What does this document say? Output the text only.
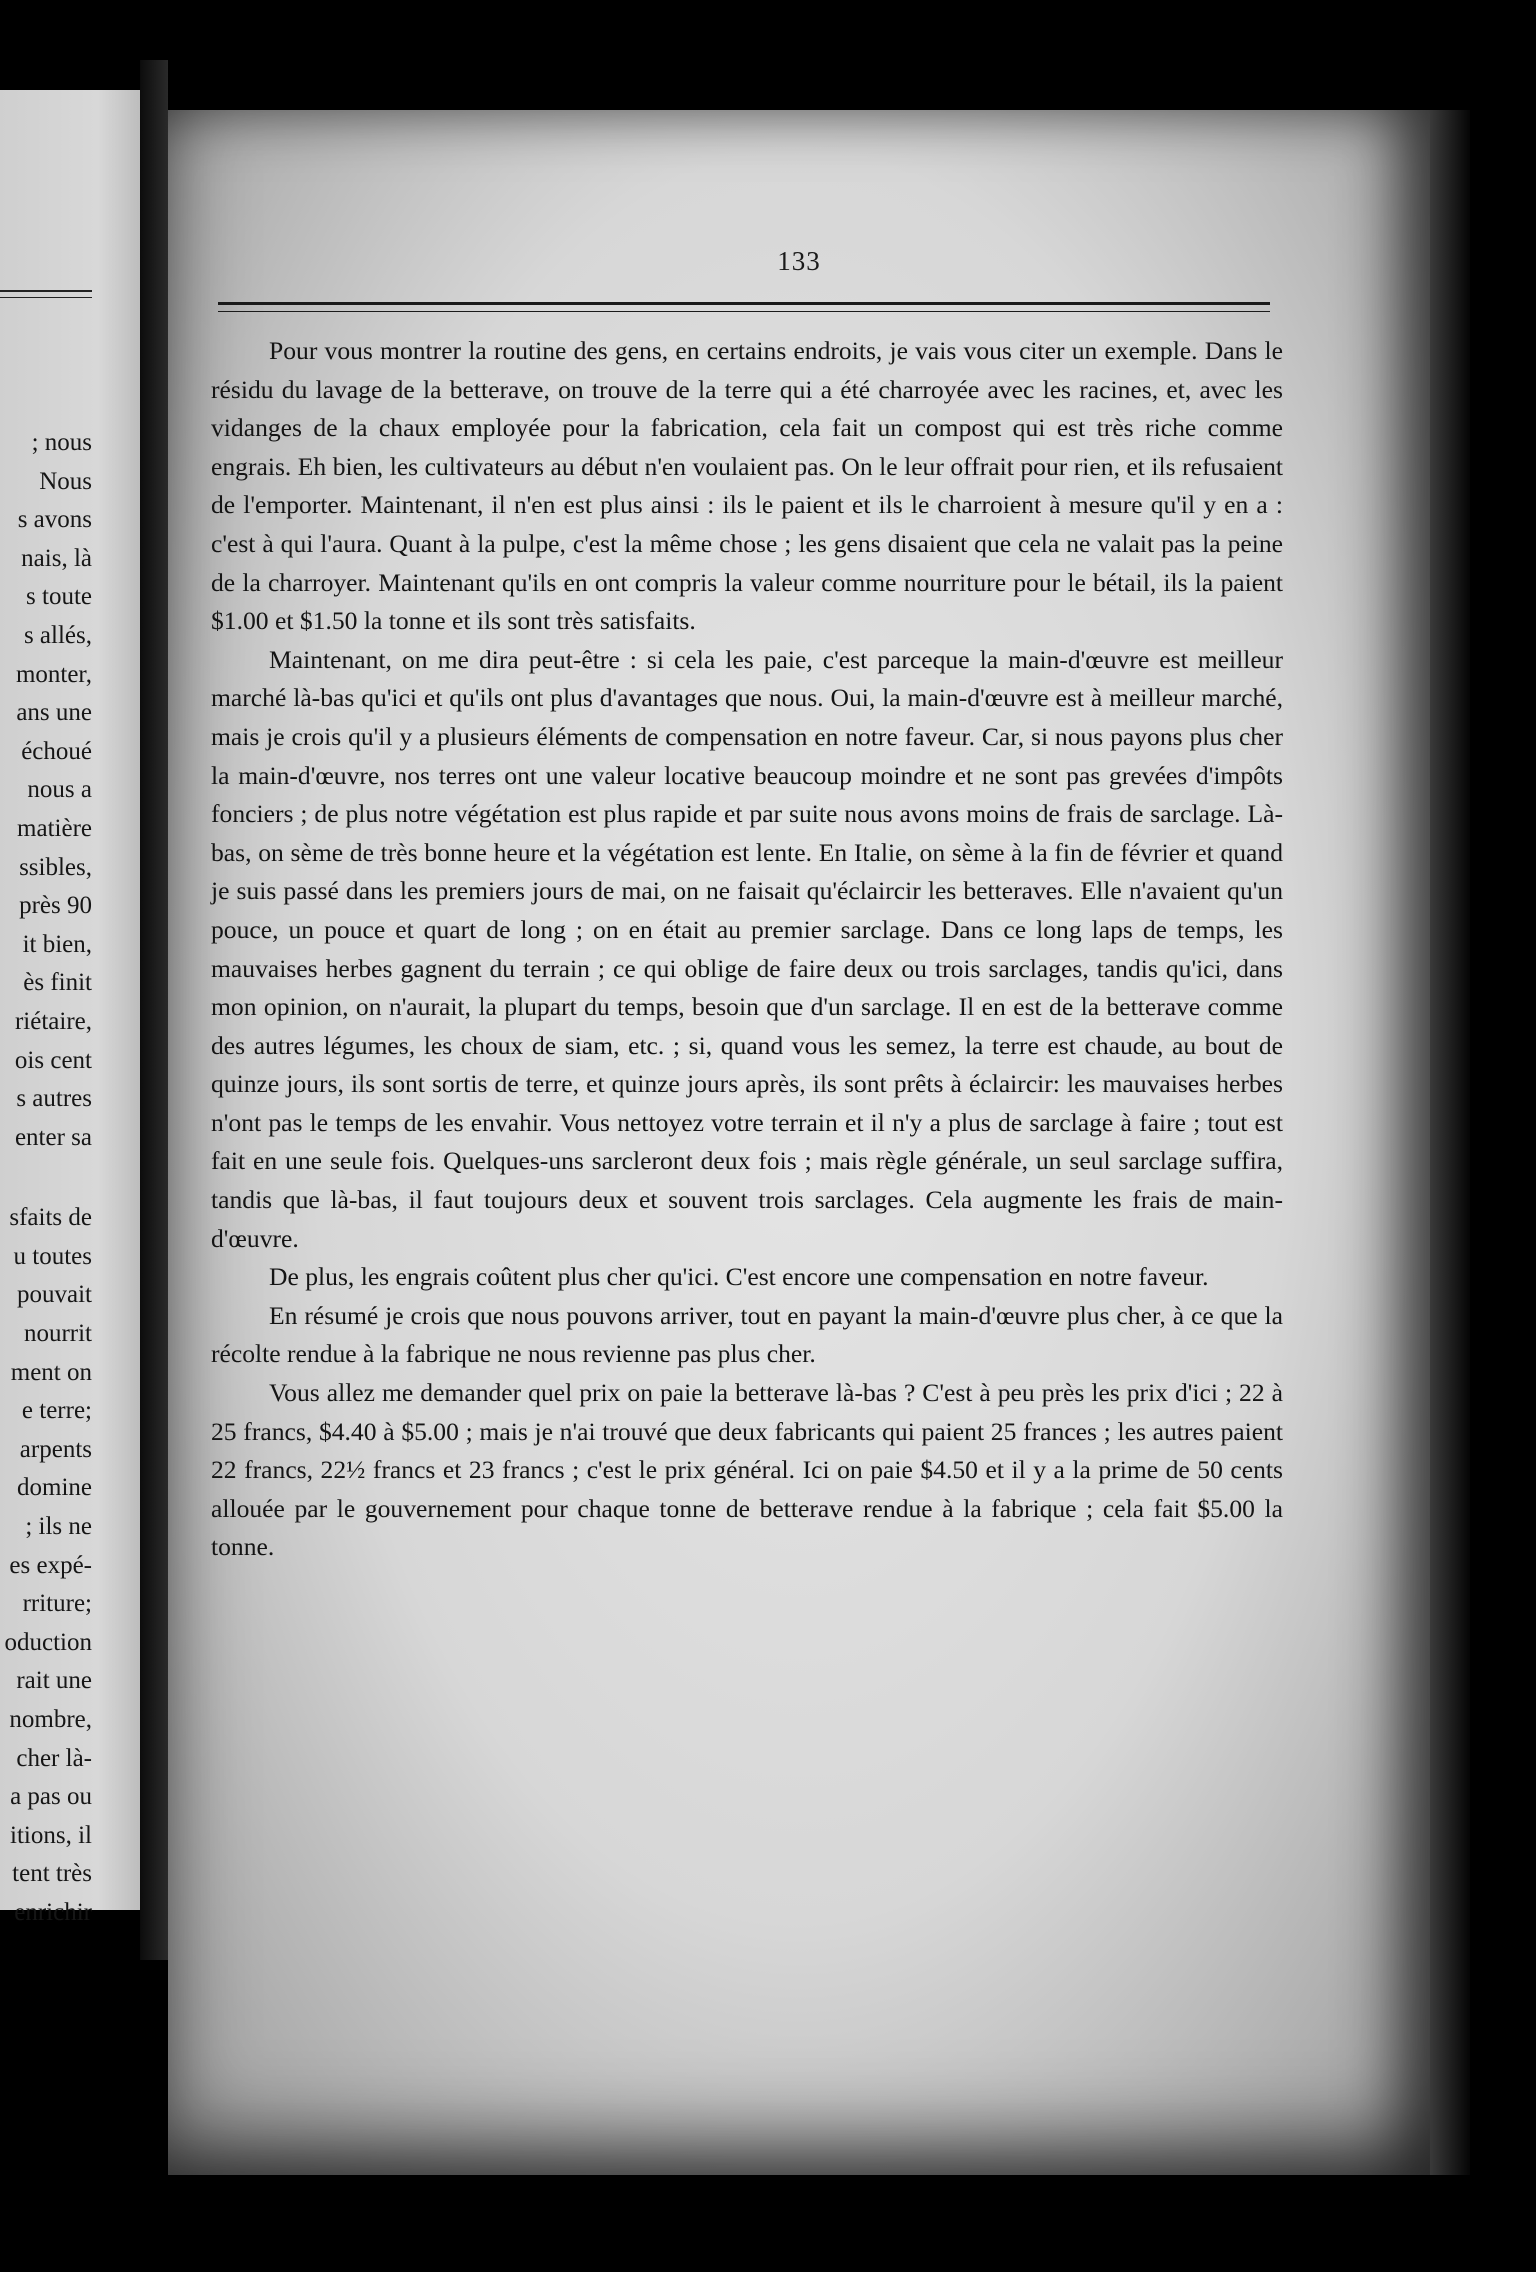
; nous
Nous
s avons
nais, là
s toute
s allés,
monter,
ans une
échoué
nous a
matière
ssibles,
près 90
it bien,
ès finit
riétaire,
ois cent
s autres
enter sa
sfaits de
u toutes
pouvait
nourrit
ment on
e terre;
arpents
domine
; ils ne
es expé-
rriture;
oduction
rait une
nombre,
cher là-
a pas ou
itions, il
tent très
enrichir
133

Pour vous montrer la routine des gens, en certains endroits, je vais vous citer un exemple. Dans le résidu du lavage de la betterave, on trouve de la terre qui a été charroyée avec les racines, et, avec les vidanges de la chaux employée pour la fabrication, cela fait un compost qui est très riche comme engrais. Eh bien, les cultivateurs au début n'en voulaient pas. On le leur offrait pour rien, et ils refusaient de l'emporter. Maintenant, il n'en est plus ainsi : ils le paient et ils le charroient à mesure qu'il y en a : c'est à qui l'aura. Quant à la pulpe, c'est la même chose ; les gens disaient que cela ne valait pas la peine de la charroyer. Maintenant qu'ils en ont compris la valeur comme nourriture pour le bétail, ils la paient $1.00 et $1.50 la tonne et ils sont très satisfaits.

Maintenant, on me dira peut-être : si cela les paie, c'est parceque la main-d'œuvre est meilleur marché là-bas qu'ici et qu'ils ont plus d'avantages que nous. Oui, la main-d'œuvre est à meilleur marché, mais je crois qu'il y a plusieurs éléments de compensation en notre faveur. Car, si nous payons plus cher la main-d'œuvre, nos terres ont une valeur locative beaucoup moindre et ne sont pas grevées d'impôts fonciers ; de plus notre végétation est plus rapide et par suite nous avons moins de frais de sarclage. Là-bas, on sème de très bonne heure et la végétation est lente. En Italie, on sème à la fin de février et quand je suis passé dans les premiers jours de mai, on ne faisait qu'éclaircir les betteraves. Elle n'avaient qu'un pouce, un pouce et quart de long ; on en était au premier sarclage. Dans ce long laps de temps, les mauvaises herbes gagnent du terrain ; ce qui oblige de faire deux ou trois sarclages, tandis qu'ici, dans mon opinion, on n'aurait, la plupart du temps, besoin que d'un sarclage. Il en est de la betterave comme des autres légumes, les choux de siam, etc. ; si, quand vous les semez, la terre est chaude, au bout de quinze jours, ils sont sortis de terre, et quinze jours après, ils sont prêts à éclaircir: les mauvaises herbes n'ont pas le temps de les envahir. Vous nettoyez votre terrain et il n'y a plus de sarclage à faire ; tout est fait en une seule fois. Quelques-uns sarcleront deux fois ; mais règle générale, un seul sarclage suffira, tandis que là-bas, il faut toujours deux et souvent trois sarclages. Cela augmente les frais de main-d'œuvre.

De plus, les engrais coûtent plus cher qu'ici. C'est encore une compensation en notre faveur.

En résumé je crois que nous pouvons arriver, tout en payant la main-d'œuvre plus cher, à ce que la récolte rendue à la fabrique ne nous revienne pas plus cher.

Vous allez me demander quel prix on paie la betterave là-bas ? C'est à peu près les prix d'ici ; 22 à 25 francs, $4.40 à $5.00 ; mais je n'ai trouvé que deux fabricants qui paient 25 frances ; les autres paient 22 francs, 22½ francs et 23 francs ; c'est le prix général. Ici on paie $4.50 et il y a la prime de 50 cents allouée par le gouvernement pour chaque tonne de betterave rendue à la fabrique ; cela fait $5.00 la tonne.
